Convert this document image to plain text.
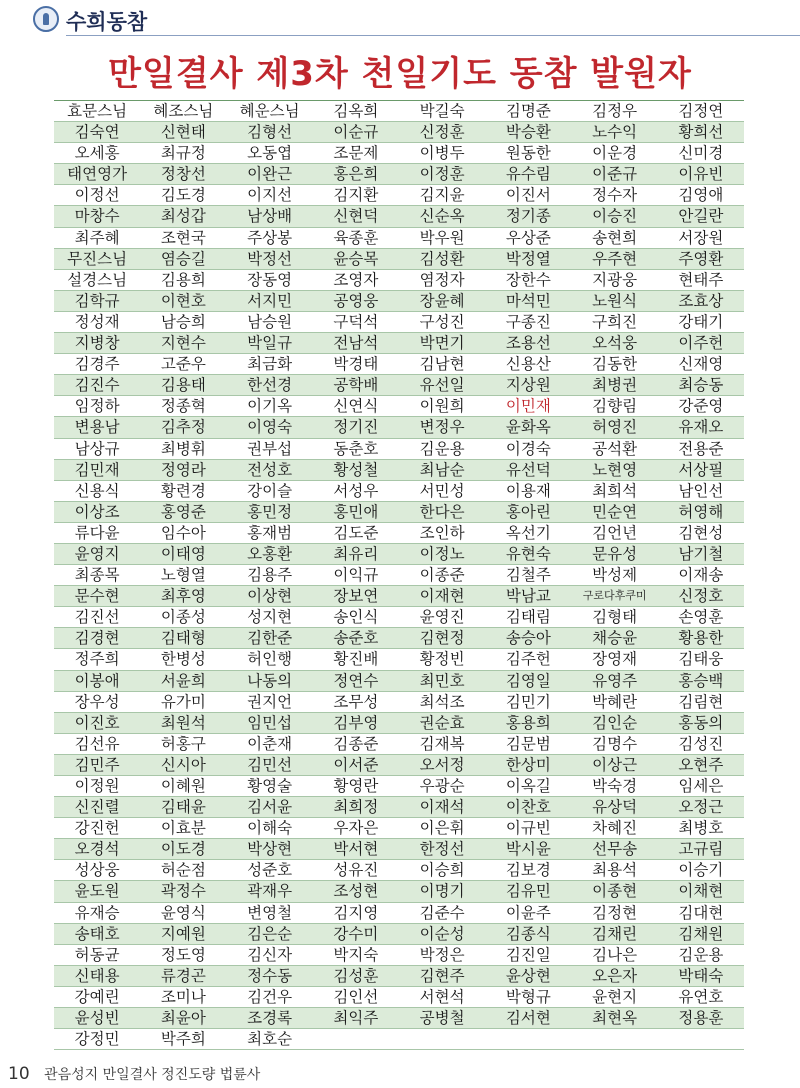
수희동참
만일결사 제3차 천일기도 동참 발원자
효문스님	혜조스님	혜운스님	김옥희	박길숙	김명준	김정우	김정연
김숙연	신현태	김형선	이순규	신정훈	박승환	노수익	황희선
오세홍	최규정	오동엽	조문제	이병두	원동한	이운경	신미경
태연영가	정창선	이완근	홍은희	이정훈	유수림	이준규	이유빈
이정선	김도경	이지선	김지환	김지윤	이진서	정수자	김영애
마창수	최성갑	남상배	신현덕	신순옥	정기종	이승진	안길란
최주혜	조현국	주상봉	육종훈	박우원	우상준	송현희	서장원
무진스님	염승길	박정선	윤승목	김성환	박정열	우주현	주영환
설경스님	김용희	장동영	조영자	염정자	장한수	지광웅	현태주
김학규	이현호	서지민	공영웅	장윤혜	마석민	노원식	조효상
정성재	남승희	남승원	구덕석	구성진	구종진	구희진	강태기
지병창	지현수	박일규	전남석	박면기	조용선	오석웅	이주헌
김경주	고준우	최금화	박경태	김남현	신용산	김동한	신재영
김진수	김용태	한선경	공학배	유선일	지상원	최병권	최승동
임정하	정종혁	이기옥	신연식	이원희	이민재	김향림	강준영
변용남	김추정	이영숙	정기진	변정우	윤화옥	허영진	유재오
남상규	최병휘	권부섭	동춘호	김운용	이경숙	공석환	전용준
김민재	정영라	전성호	황성철	최남순	유선덕	노현영	서상필
신용식	황련경	강이슬	서성우	서민성	이용재	최희석	남인선
이상조	홍영준	홍민정	홍민애	한다은	홍아린	민순연	허영해
류다윤	임수아	홍재범	김도준	조인하	옥선기	김언년	김현성
윤영지	이태영	오홍환	최유리	이정노	유현숙	문유성	남기철
최종목	노형열	김용주	이익규	이종준	김철주	박성제	이재송
문수현	최후영	이상현	장보연	이재현	박남교	구로다후쿠미	신정호
김진선	이종성	성지현	송인식	윤영진	김태림	김형태	손영훈
김경현	김태형	김한준	송준호	김현정	송승아	채승윤	황용한
정주희	한병성	허인행	황진배	황정빈	김주헌	장영재	김태웅
이봉애	서윤희	나동의	정연수	최민호	김영일	유영주	홍승백
장우성	유가미	권지언	조무성	최석조	김민기	박혜란	김림현
이진호	최원석	임민섭	김부영	권순효	홍용희	김인순	홍동의
김선유	허홍구	이춘재	김종준	김재복	김문범	김명수	김성진
김민주	신시아	김민선	이서준	오서정	한상미	이상근	오현주
이정원	이혜원	황영술	황영란	우광순	이옥길	박숙경	임세은
신진렬	김태윤	김서윤	최희정	이재석	이찬호	유상덕	오정근
강진헌	이효분	이해숙	우자은	이은휘	이규빈	차혜진	최병호
오경석	이도경	박상현	박서현	한정선	박시윤	선무송	고규림
성상웅	허순점	성준호	성유진	이승희	김보경	최용석	이승기
윤도원	곽정수	곽재우	조성현	이명기	김유민	이종현	이채현
유재승	윤영식	변영철	김지영	김준수	이윤주	김정현	김대현
송태호	지예원	김은순	강수미	이순성	김종식	김채린	김채원
허동균	정도영	김신자	박지숙	박정은	김진일	김나은	김운용
신태용	류경곤	정수동	김성훈	김현주	윤상현	오은자	박태숙
강예린	조미나	김건우	김인선	서현석	박형규	윤현지	유연호
윤성빈	최윤아	조경록	최익주	공병철	김서현	최현옥	정용훈
강정민	박주희	최호순
10 관음성지 만일결사 정진도량 법륜사
